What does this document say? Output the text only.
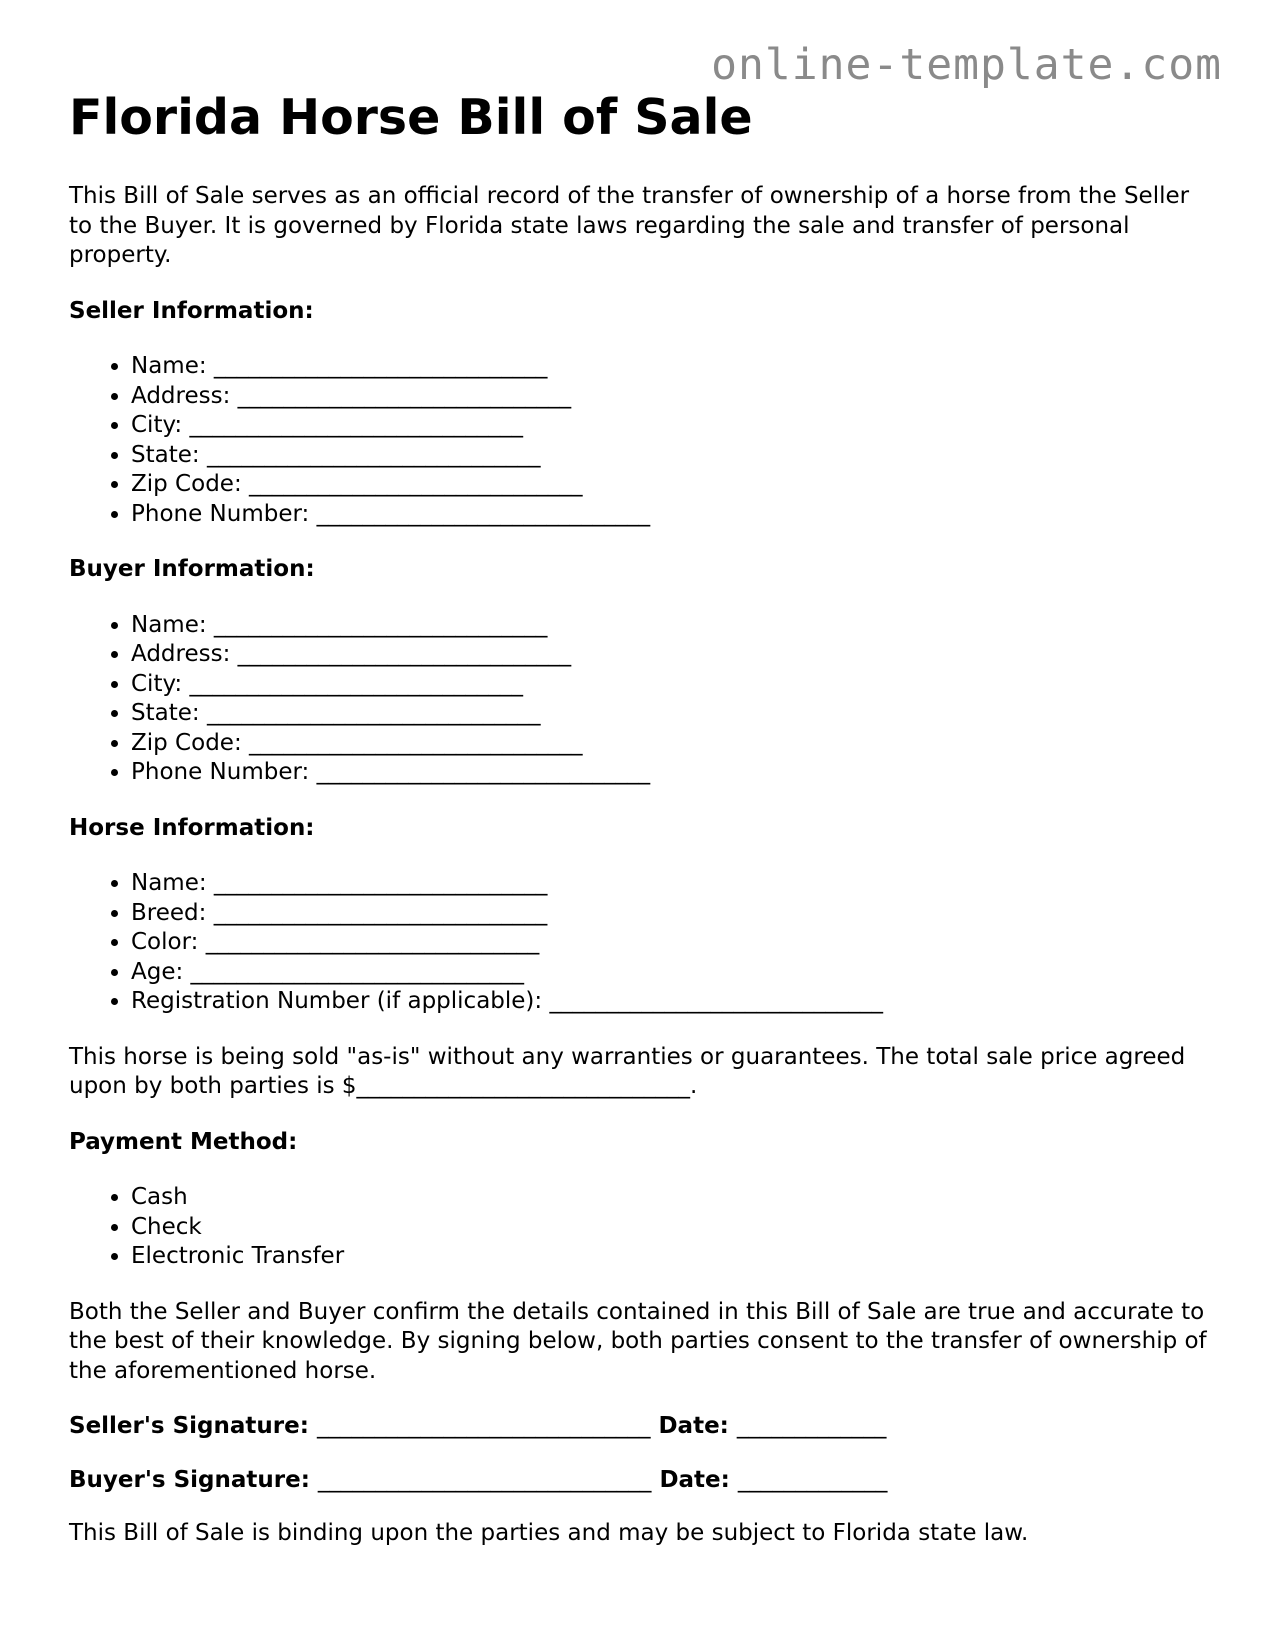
online-template.com
Florida Horse Bill of Sale

This Bill of Sale serves as an official record of the transfer of ownership of a horse from the Seller to the Buyer. It is governed by Florida state laws regarding the sale and transfer of personal property.

Seller Information:
• Name: _____________________________
• Address: _____________________________
• City: _____________________________
• State: _____________________________
• Zip Code: _____________________________
• Phone Number: _____________________________
Buyer Information:
• Name: _____________________________
• Address: _____________________________
• City: _____________________________
• State: _____________________________
• Zip Code: _____________________________
• Phone Number: _____________________________
Horse Information:
• Name: _____________________________
• Breed: _____________________________
• Color: _____________________________
• Age: _____________________________
• Registration Number (if applicable): _____________________________

This horse is being sold "as-is" without any warranties or guarantees. The total sale price agreed upon by both parties is $_____________________________.

Payment Method:
• Cash
• Check
• Electronic Transfer

Both the Seller and Buyer confirm the details contained in this Bill of Sale are true and accurate to the best of their knowledge. By signing below, both parties consent to the transfer of ownership of the aforementioned horse.

Seller's Signature: _____________________________ Date: _____________
Buyer's Signature: _____________________________ Date: _____________

This Bill of Sale is binding upon the parties and may be subject to Florida state law.
